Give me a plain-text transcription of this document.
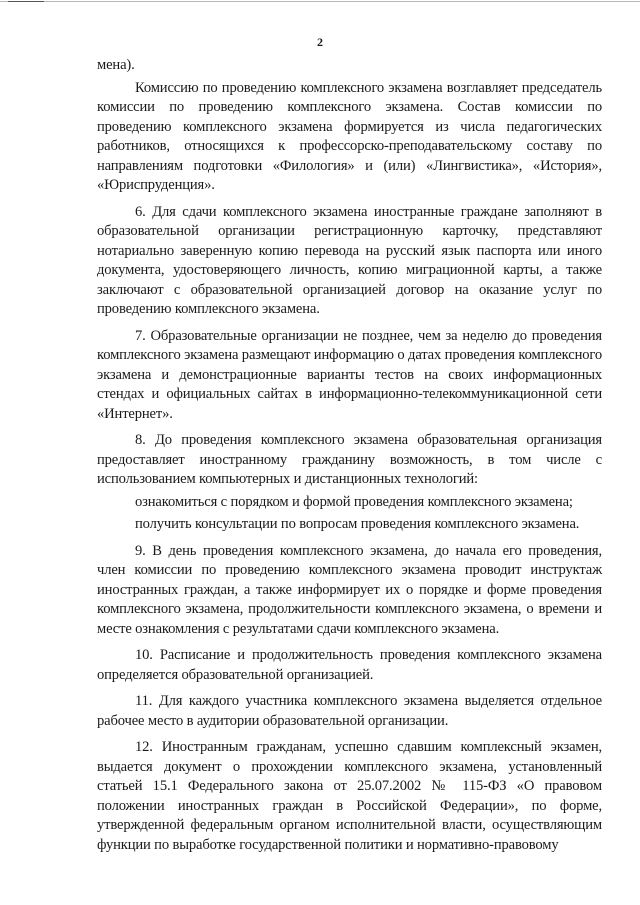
2

мена).

Комиссию по проведению комплексного экзамена возглавляет председатель комиссии по проведению комплексного экзамена. Состав комиссии по проведению комплексного экзамена формируется из числа педагогических работников, относящихся к профессорско-преподавательскому составу по направлениям подготовки «Филология» и (или) «Лингвистика», «История», «Юриспруденция».

6. Для сдачи комплексного экзамена иностранные граждане заполняют в образовательной организации регистрационную карточку, представляют нотариально заверенную копию перевода на русский язык паспорта или иного документа, удостоверяющего личность, копию миграционной карты, а также заключают с образовательной организацией договор на оказание услуг по проведению комплексного экзамена.

7. Образовательные организации не позднее, чем за неделю до проведения комплексного экзамена размещают информацию о датах проведения комплексного экзамена и демонстрационные варианты тестов на своих информационных стендах и официальных сайтах в информационно-телекоммуникационной сети «Интернет».

8. До проведения комплексного экзамена образовательная организация предоставляет иностранному гражданину возможность, в том числе с использованием компьютерных и дистанционных технологий:

ознакомиться с порядком и формой проведения комплексного экзамена;

получить консультации по вопросам проведения комплексного экзамена.

9. В день проведения комплексного экзамена, до начала его проведения, член комиссии по проведению комплексного экзамена проводит инструктаж иностранных граждан, а также информирует их о порядке и форме проведения комплексного экзамена, продолжительности комплексного экзамена, о времени и месте ознакомления с результатами сдачи комплексного экзамена.

10. Расписание и продолжительность проведения комплексного экзамена определяется образовательной организацией.

11. Для каждого участника комплексного экзамена выделяется отдельное рабочее место в аудитории образовательной организации.

12. Иностранным гражданам, успешно сдавшим комплексный экзамен, выдается документ о прохождении комплексного экзамена, установленный статьей 15.1 Федерального закона от 25.07.2002 № 115-ФЗ «О правовом положении иностранных граждан в Российской Федерации», по форме, утвержденной федеральным органом исполнительной власти, осуществляющим функции по выработке государственной политики и нормативно-правовому
